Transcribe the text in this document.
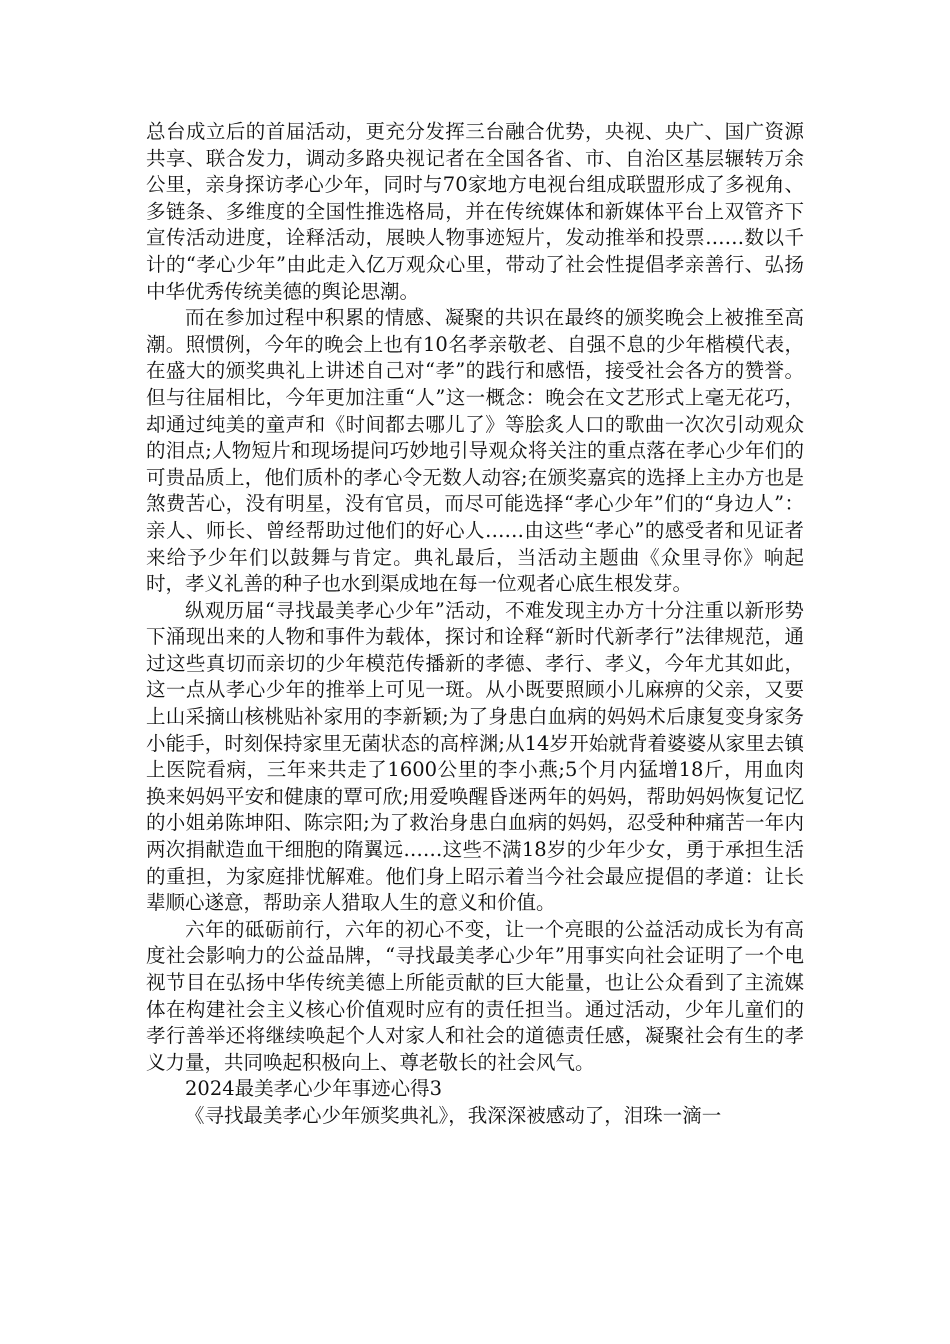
总台成立后的首届活动，更充分发挥三台融合优势，央视、央广、国广资源共享、联合发力，调动多路央视记者在全国各省、市、自治区基层辗转万余公里，亲身探访孝心少年，同时与70家地方电视台组成联盟形成了多视角、多链条、多维度的全国性推选格局，并在传统媒体和新媒体平台上双管齐下宣传活动进度，诠释活动，展映人物事迹短片，发动推举和投票……数以千计的“孝心少年”由此走入亿万观众心里，带动了社会性提倡孝亲善行、弘扬中华优秀传统美德的舆论思潮。

而在参加过程中积累的情感、凝聚的共识在最终的颁奖晚会上被推至高潮。照惯例，今年的晚会上也有10名孝亲敬老、自强不息的少年楷模代表，在盛大的颁奖典礼上讲述自己对“孝”的践行和感悟，接受社会各方的赞誉。但与往届相比，今年更加注重“人”这一概念：晚会在文艺形式上毫无花巧，却通过纯美的童声和《时间都去哪儿了》等脍炙人口的歌曲一次次引动观众的泪点;人物短片和现场提问巧妙地引导观众将关注的重点落在孝心少年们的可贵品质上，他们质朴的孝心令无数人动容;在颁奖嘉宾的选择上主办方也是煞费苦心，没有明星，没有官员，而尽可能选择“孝心少年”们的“身边人”：亲人、师长、曾经帮助过他们的好心人……由这些“孝心”的感受者和见证者来给予少年们以鼓舞与肯定。典礼最后，当活动主题曲《众里寻你》响起时，孝义礼善的种子也水到渠成地在每一位观者心底生根发芽。

纵观历届“寻找最美孝心少年”活动，不难发现主办方十分注重以新形势下涌现出来的人物和事件为载体，探讨和诠释“新时代新孝行”法律规范，通过这些真切而亲切的少年模范传播新的孝德、孝行、孝义，今年尤其如此，这一点从孝心少年的推举上可见一斑。从小既要照顾小儿麻痹的父亲，又要上山采摘山核桃贴补家用的李新颖;为了身患白血病的妈妈术后康复变身家务小能手，时刻保持家里无菌状态的高梓渊;从14岁开始就背着婆婆从家里去镇上医院看病，三年来共走了1600公里的李小燕;5个月内猛增18斤，用血肉换来妈妈平安和健康的覃可欣;用爱唤醒昏迷两年的妈妈，帮助妈妈恢复记忆的小姐弟陈坤阳、陈宗阳;为了救治身患白血病的妈妈，忍受种种痛苦一年内两次捐献造血干细胞的隋翼远……这些不满18岁的少年少女，勇于承担生活的重担，为家庭排忧解难。他们身上昭示着当今社会最应提倡的孝道：让长辈顺心遂意，帮助亲人猎取人生的意义和价值。

六年的砥砺前行，六年的初心不变，让一个亮眼的公益活动成长为有高度社会影响力的公益品牌，“寻找最美孝心少年”用事实向社会证明了一个电视节目在弘扬中华传统美德上所能贡献的巨大能量，也让公众看到了主流媒体在构建社会主义核心价值观时应有的责任担当。通过活动，少年儿童们的孝行善举还将继续唤起个人对家人和社会的道德责任感，凝聚社会有生的孝义力量，共同唤起积极向上、尊老敬长的社会风气。

2024最美孝心少年事迹心得3

《寻找最美孝心少年颁奖典礼》，我深深被感动了，泪珠一滴一
